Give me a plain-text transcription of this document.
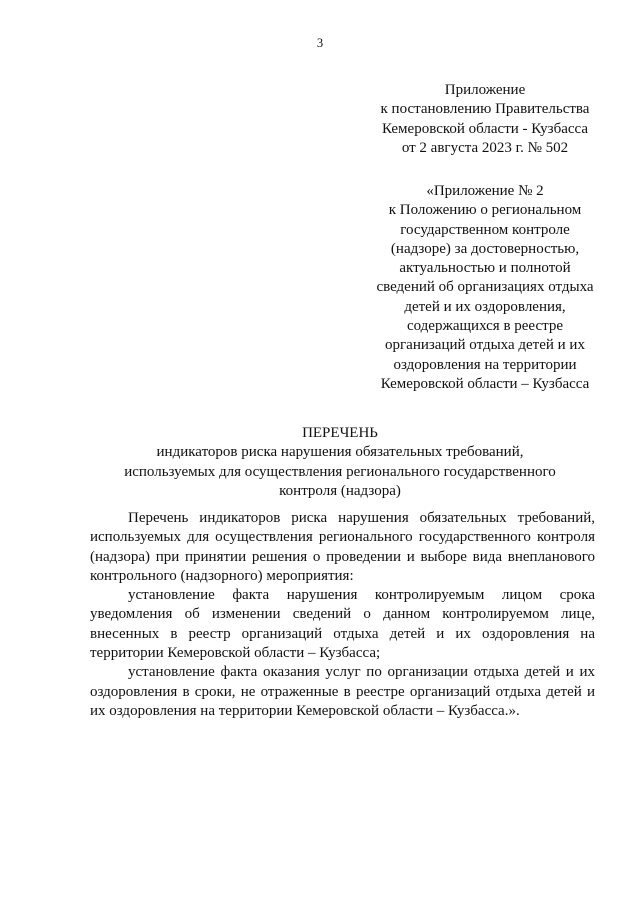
3
Приложение
к постановлению Правительства
Кемеровской области - Кузбасса
от 2 августа 2023 г. № 502
«Приложение № 2
к Положению о региональном
государственном контроле
(надзоре) за достоверностью,
актуальностью и полнотой
сведений об организациях отдыха
детей и их оздоровления,
содержащихся в реестре
организаций отдыха детей и их
оздоровления на территории
Кемеровской области – Кузбасса
ПЕРЕЧЕНЬ
индикаторов риска нарушения обязательных требований,
используемых для осуществления регионального государственного
контроля (надзора)

Перечень индикаторов риска нарушения обязательных требований, используемых для осуществления регионального государственного контроля (надзора) при принятии решения о проведении и выборе вида внепланового контрольного (надзорного) мероприятия:

установление факта нарушения контролируемым лицом срока уведомления об изменении сведений о данном контролируемом лице, внесенных в реестр организаций отдыха детей и их оздоровления на территории Кемеровской области – Кузбасса;

установление факта оказания услуг по организации отдыха детей и их оздоровления в сроки, не отраженные в реестре организаций отдыха детей и их оздоровления на территории Кемеровской области – Кузбасса.».
